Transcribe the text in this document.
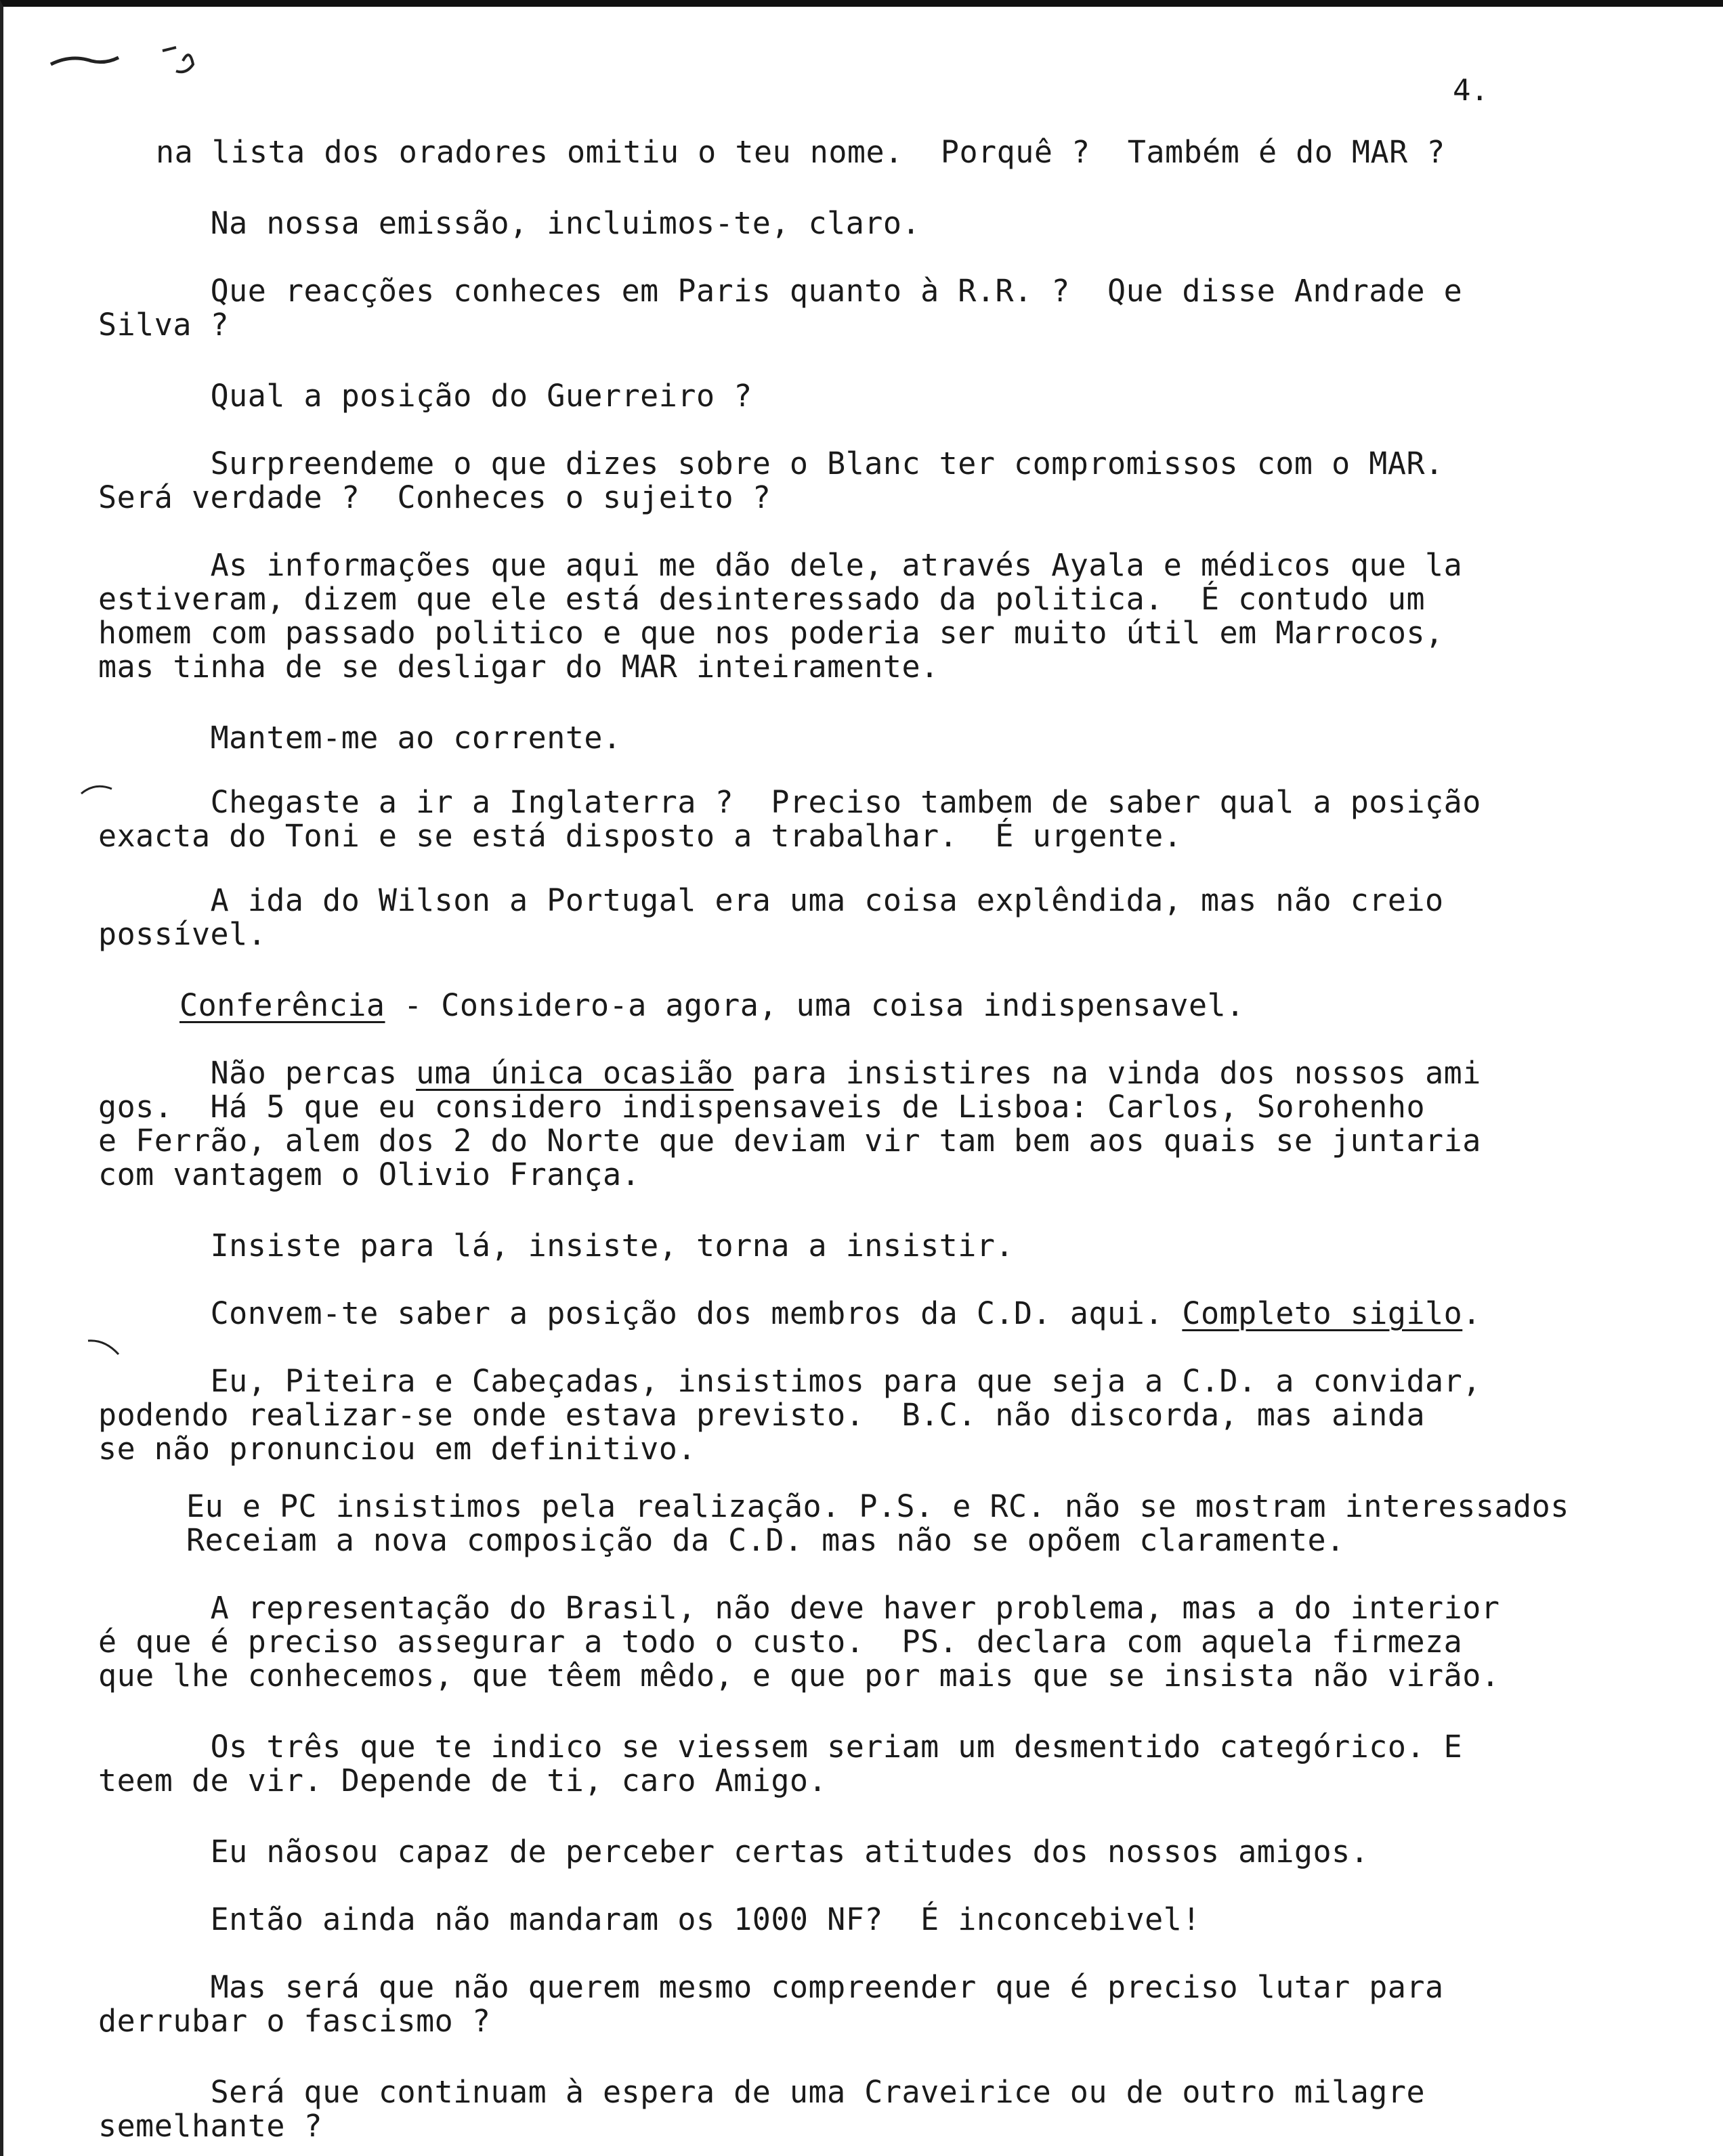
4.
na lista dos oradores omitiu o teu nome.  Porquê ?  Também é do MAR ?
Na nossa emissão, incluimos-te, claro.
Que reacções conheces em Paris quanto à R.R. ?  Que disse Andrade e
Silva ?
Qual a posição do Guerreiro ?
Surpreendeme o que dizes sobre o Blanc ter compromissos com o MAR.
Será verdade ?  Conheces o sujeito ?
As informações que aqui me dão dele, através Ayala e médicos que la
estiveram, dizem que ele está desinteressado da politica.  É contudo um
homem com passado politico e que nos poderia ser muito útil em Marrocos,
mas tinha de se desligar do MAR inteiramente.
Mantem-me ao corrente.
Chegaste a ir a Inglaterra ?  Preciso tambem de saber qual a posição
exacta do Toni e se está disposto a trabalhar.  É urgente.
A ida do Wilson a Portugal era uma coisa explêndida, mas não creio
possível.
Conferência - Considero-a agora, uma coisa indispensavel.
Não percas uma única ocasião para insistires na vinda dos nossos ami
gos.  Há 5 que eu considero indispensaveis de Lisboa: Carlos, Sorohenho
e Ferrão, alem dos 2 do Norte que deviam vir tam bem aos quais se juntaria
com vantagem o Olivio França.
Insiste para lá, insiste, torna a insistir.
Convem-te saber a posição dos membros da C.D. aqui. Completo sigilo.
Eu, Piteira e Cabeçadas, insistimos para que seja a C.D. a convidar,
podendo realizar-se onde estava previsto.  B.C. não discorda, mas ainda
se não pronunciou em definitivo.
Eu e PC insistimos pela realização. P.S. e RC. não se mostram interessados
Receiam a nova composição da C.D. mas não se opõem claramente.
A representação do Brasil, não deve haver problema, mas a do interior
é que é preciso assegurar a todo o custo.  PS. declara com aquela firmeza
que lhe conhecemos, que têem mêdo, e que por mais que se insista não virão.
Os três que te indico se viessem seriam um desmentido categórico. E
teem de vir. Depende de ti, caro Amigo.
Eu nãosou capaz de perceber certas atitudes dos nossos amigos.
Então ainda não mandaram os 1000 NF?  É inconcebivel!
Mas será que não querem mesmo compreender que é preciso lutar para
derrubar o fascismo ?
Será que continuam à espera de uma Craveirice ou de outro milagre
semelhante ?
